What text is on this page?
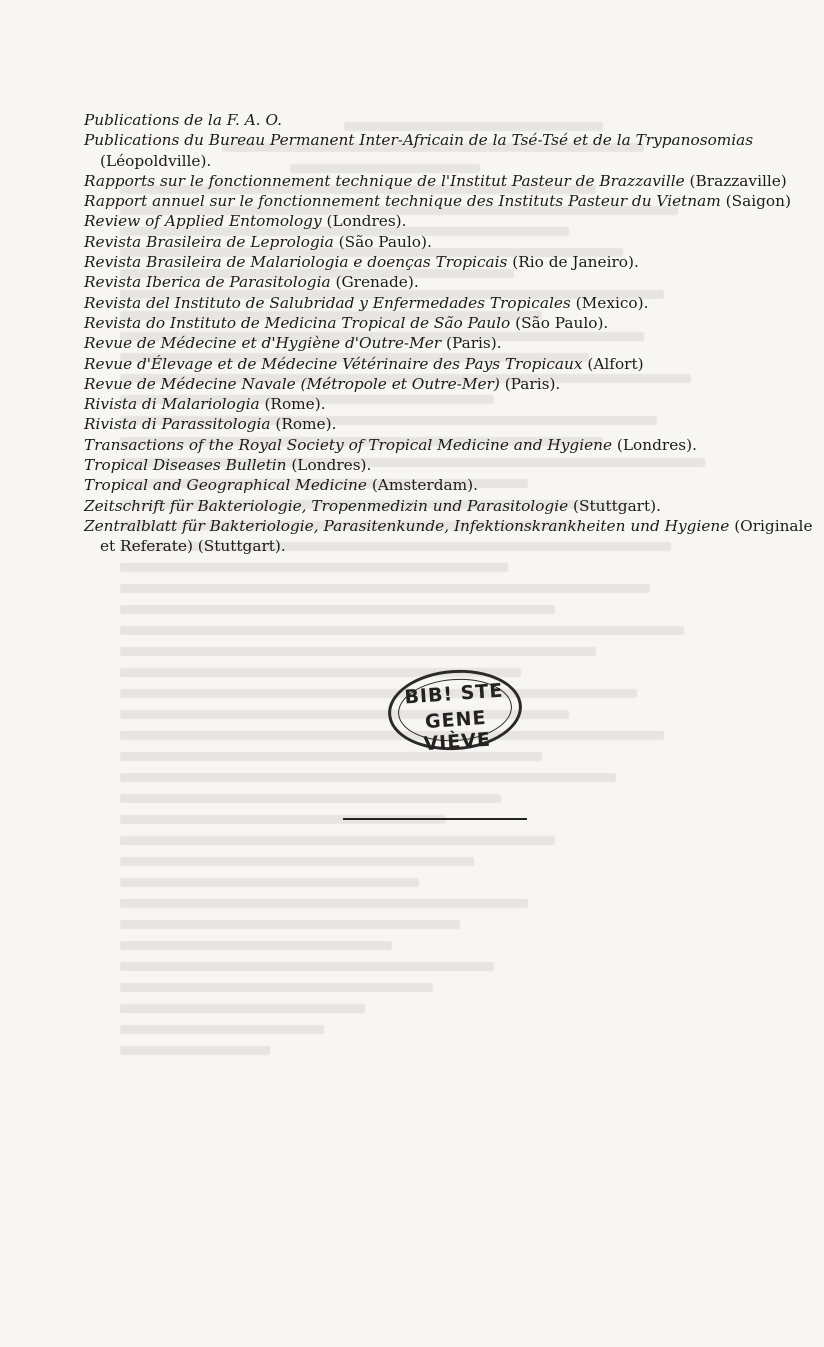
Publications de la F. A. O.
Publications du Bureau Permanent Inter-Africain de la Tsé-Tsé et de la Trypanosomias
(Léopoldville).
Rapports sur le fonctionnement technique de l'Institut Pasteur de Brazzaville (Brazzaville)
Rapport annuel sur le fonctionnement technique des Instituts Pasteur du Vietnam (Saigon)
Review of Applied Entomology (Londres).
Revista Brasileira de Leprologia (São Paulo).
Revista Brasileira de Malariologia e doenças Tropicais (Rio de Janeiro).
Revista Iberica de Parasitologia (Grenade).
Revista del Instituto de Salubridad y Enfermedades Tropicales (Mexico).
Revista do Instituto de Medicina Tropical de São Paulo (São Paulo).
Revue de Médecine et d'Hygiène d'Outre-Mer (Paris).
Revue d'Élevage et de Médecine Vétérinaire des Pays Tropicaux (Alfort)
Revue de Médecine Navale (Métropole et Outre-Mer) (Paris).
Rivista di Malariologia (Rome).
Rivista di Parassitologia (Rome).
Transactions of the Royal Society of Tropical Medicine and Hygiene (Londres).
Tropical Diseases Bulletin (Londres).
Tropical and Geographical Medicine (Amsterdam).
Zeitschrift für Bakteriologie, Tropenmedizin und Parasitologie (Stuttgart).
Zentralblatt für Bakteriologie, Parasitenkunde, Infektionskrankheiten und Hygiene (Originale
et Referate) (Stuttgart).
BIB! STE
GENE VIÈVE
